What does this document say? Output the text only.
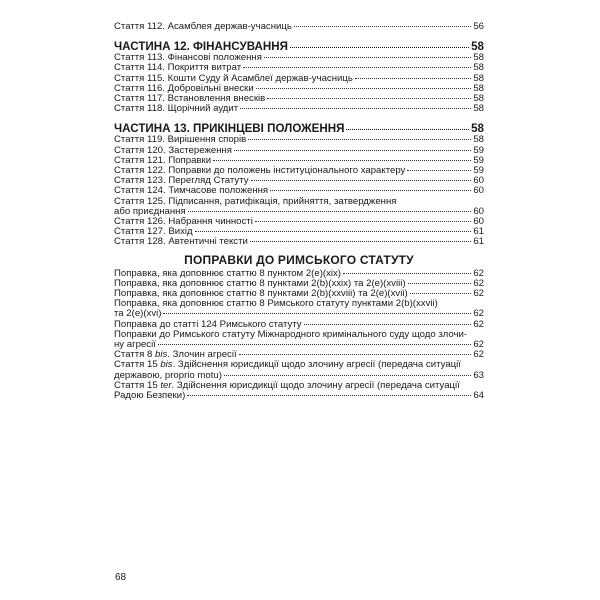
Стаття 112. Асамблея держав-учасниць	56
ЧАСТИНА 12. ФІНАНСУВАННЯ	58
Стаття 113. Фінансові положення	58
Стаття 114. Покриття витрат	58
Стаття 115. Кошти Суду й Асамблеї держав-учасниць	58
Стаття 116. Добровільні внески	58
Стаття 117. Встановлення внесків	58
Стаття 118. Щорічний аудит	58
ЧАСТИНА 13. ПРИКІНЦЕВІ ПОЛОЖЕННЯ	58
Стаття 119. Вирішення спорів	58
Стаття 120. Застереження	59
Стаття 121. Поправки	59
Стаття 122. Поправки до положень інституціонального характеру	59
Стаття 123. Перегляд Статуту	60
Стаття 124. Тимчасове положення	60
Стаття 125. Підписання, ратифікація, прийняття, затвердження
або приєднання	60
Стаття 126. Набрання чинності	60
Стаття 127. Вихід	61
Стаття 128. Автентичні тексти	61
ПОПРАВКИ ДО РИМСЬКОГО СТАТУТУ
Поправка, яка доповнює статтю 8 пунктом 2(e)(xix)	62
Поправка, яка доповнює статтю 8 пунктами 2(b)(xxix) та 2(e)(xviii)	62
Поправка, яка доповнює статтю 8 пунктами 2(b)(xxviii) та 2(e)(xvii)	62
Поправка, яка доповнює статтю 8 Римського статуту пунктами 2(b)(xxvii)
та 2(e)(xvi)	62
Поправка до статті 124 Римського статуту	62
Поправки до Римського статуту Міжнародного кримінального суду щодо злочи-
ну агресії	62
Стаття 8 bis. Злочин агресії	62
Стаття 15 bis. Здійснення юрисдикції щодо злочину агресії (передача ситуації
державою, proprio motu)	63
Стаття 15 ter. Здійснення юрисдикції щодо злочину агресії (передача ситуації
Радою Безпеки)	64
68
